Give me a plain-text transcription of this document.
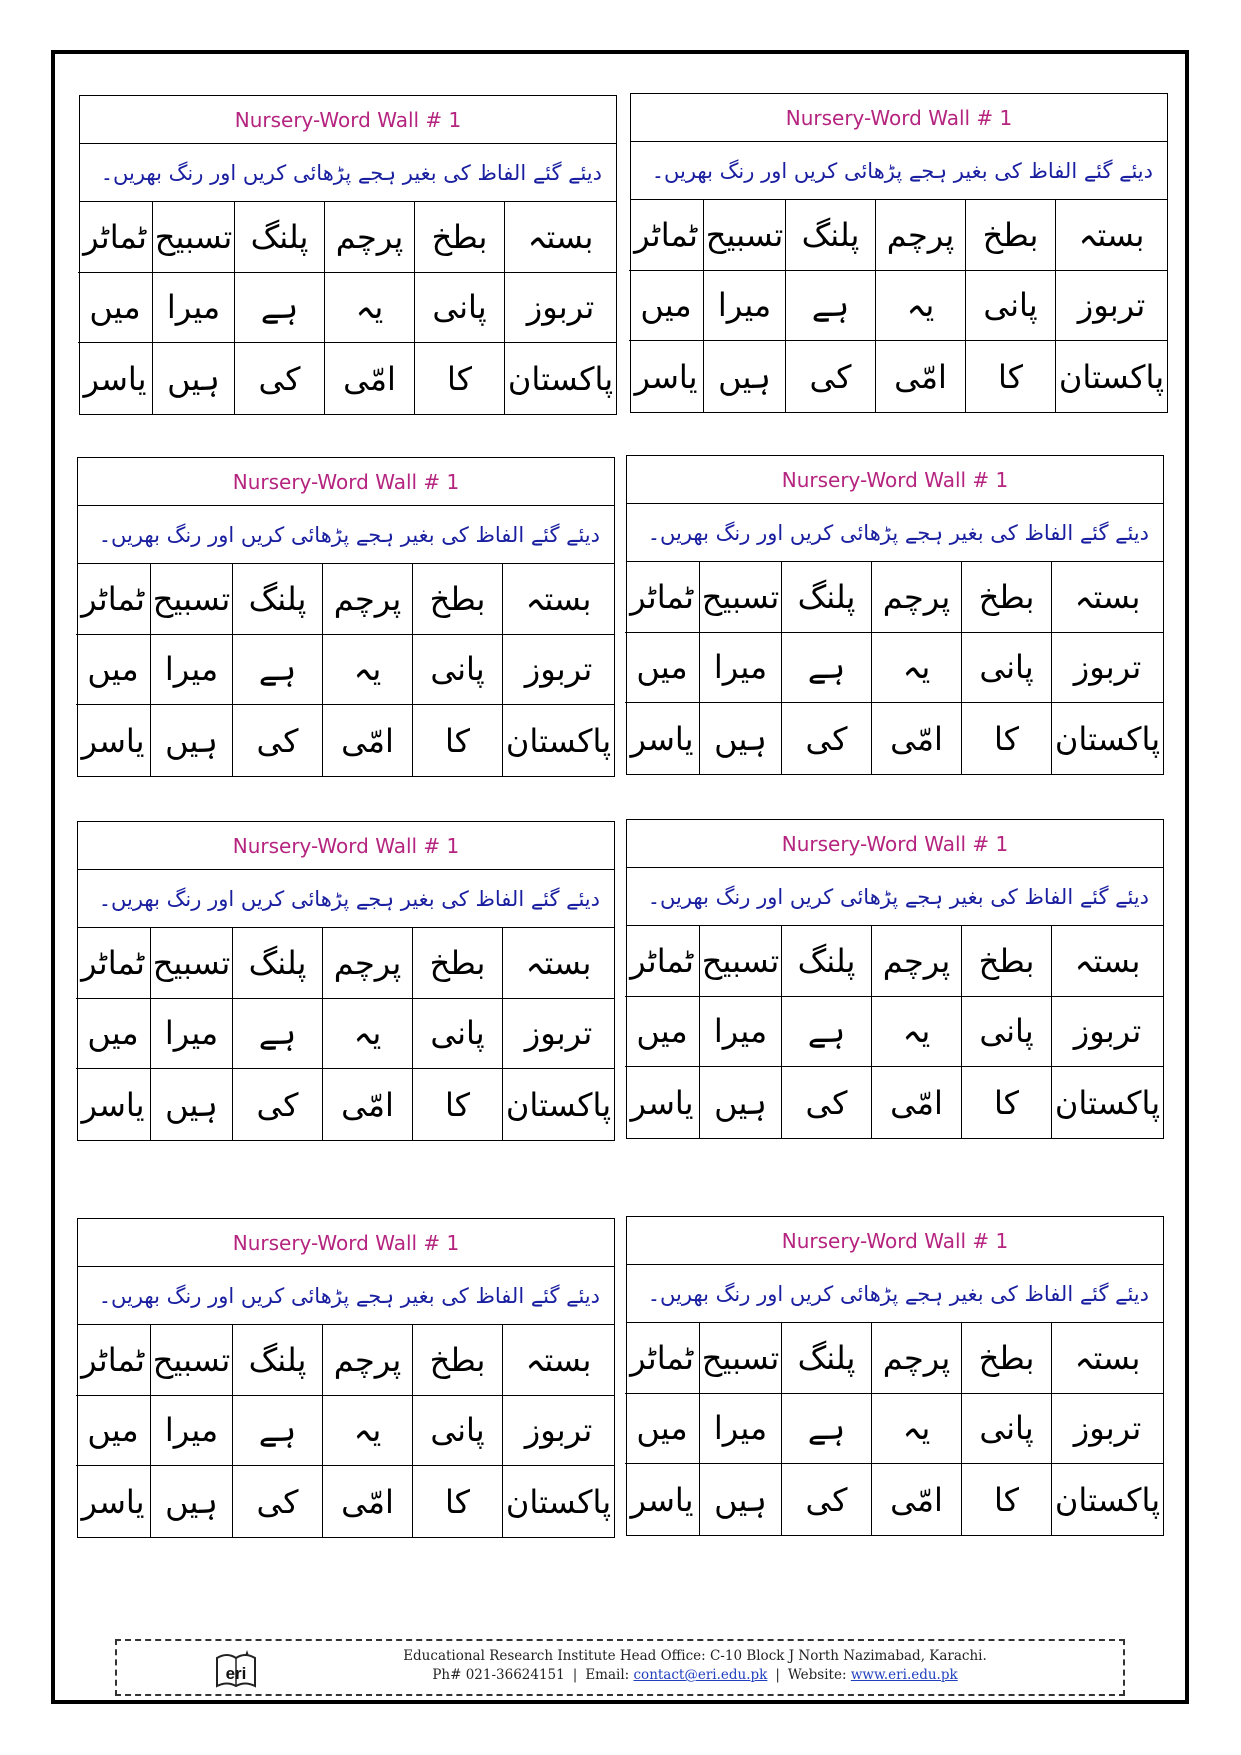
Nursery-Word Wall # 1
دیئے گئے الفاظ کی بغیر ہجے پڑھائی کریں اور رنگ بھریں۔
بستہ
بطخ
پرچم
پلنگ
تسبیح
ٹماٹر
تربوز
پانی
یہ
ہے
میرا
میں
پاکستان
کا
امّی
کی
ہیں
یاسر
Nursery-Word Wall # 1
دیئے گئے الفاظ کی بغیر ہجے پڑھائی کریں اور رنگ بھریں۔
بستہ
بطخ
پرچم
پلنگ
تسبیح
ٹماٹر
تربوز
پانی
یہ
ہے
میرا
میں
پاکستان
کا
امّی
کی
ہیں
یاسر
Nursery-Word Wall # 1
دیئے گئے الفاظ کی بغیر ہجے پڑھائی کریں اور رنگ بھریں۔
بستہ
بطخ
پرچم
پلنگ
تسبیح
ٹماٹر
تربوز
پانی
یہ
ہے
میرا
میں
پاکستان
کا
امّی
کی
ہیں
یاسر
Nursery-Word Wall # 1
دیئے گئے الفاظ کی بغیر ہجے پڑھائی کریں اور رنگ بھریں۔
بستہ
بطخ
پرچم
پلنگ
تسبیح
ٹماٹر
تربوز
پانی
یہ
ہے
میرا
میں
پاکستان
کا
امّی
کی
ہیں
یاسر
Nursery-Word Wall # 1
دیئے گئے الفاظ کی بغیر ہجے پڑھائی کریں اور رنگ بھریں۔
بستہ
بطخ
پرچم
پلنگ
تسبیح
ٹماٹر
تربوز
پانی
یہ
ہے
میرا
میں
پاکستان
کا
امّی
کی
ہیں
یاسر
Nursery-Word Wall # 1
دیئے گئے الفاظ کی بغیر ہجے پڑھائی کریں اور رنگ بھریں۔
بستہ
بطخ
پرچم
پلنگ
تسبیح
ٹماٹر
تربوز
پانی
یہ
ہے
میرا
میں
پاکستان
کا
امّی
کی
ہیں
یاسر
Nursery-Word Wall # 1
دیئے گئے الفاظ کی بغیر ہجے پڑھائی کریں اور رنگ بھریں۔
بستہ
بطخ
پرچم
پلنگ
تسبیح
ٹماٹر
تربوز
پانی
یہ
ہے
میرا
میں
پاکستان
کا
امّی
کی
ہیں
یاسر
Nursery-Word Wall # 1
دیئے گئے الفاظ کی بغیر ہجے پڑھائی کریں اور رنگ بھریں۔
بستہ
بطخ
پرچم
پلنگ
تسبیح
ٹماٹر
تربوز
پانی
یہ
ہے
میرا
میں
پاکستان
کا
امّی
کی
ہیں
یاسر
eri
Educational Research Institute Head Office: C-10 Block J North Nazimabad, Karachi.
Ph# 021-36624151 | Email: contact@eri.edu.pk | Website: www.eri.edu.pk
